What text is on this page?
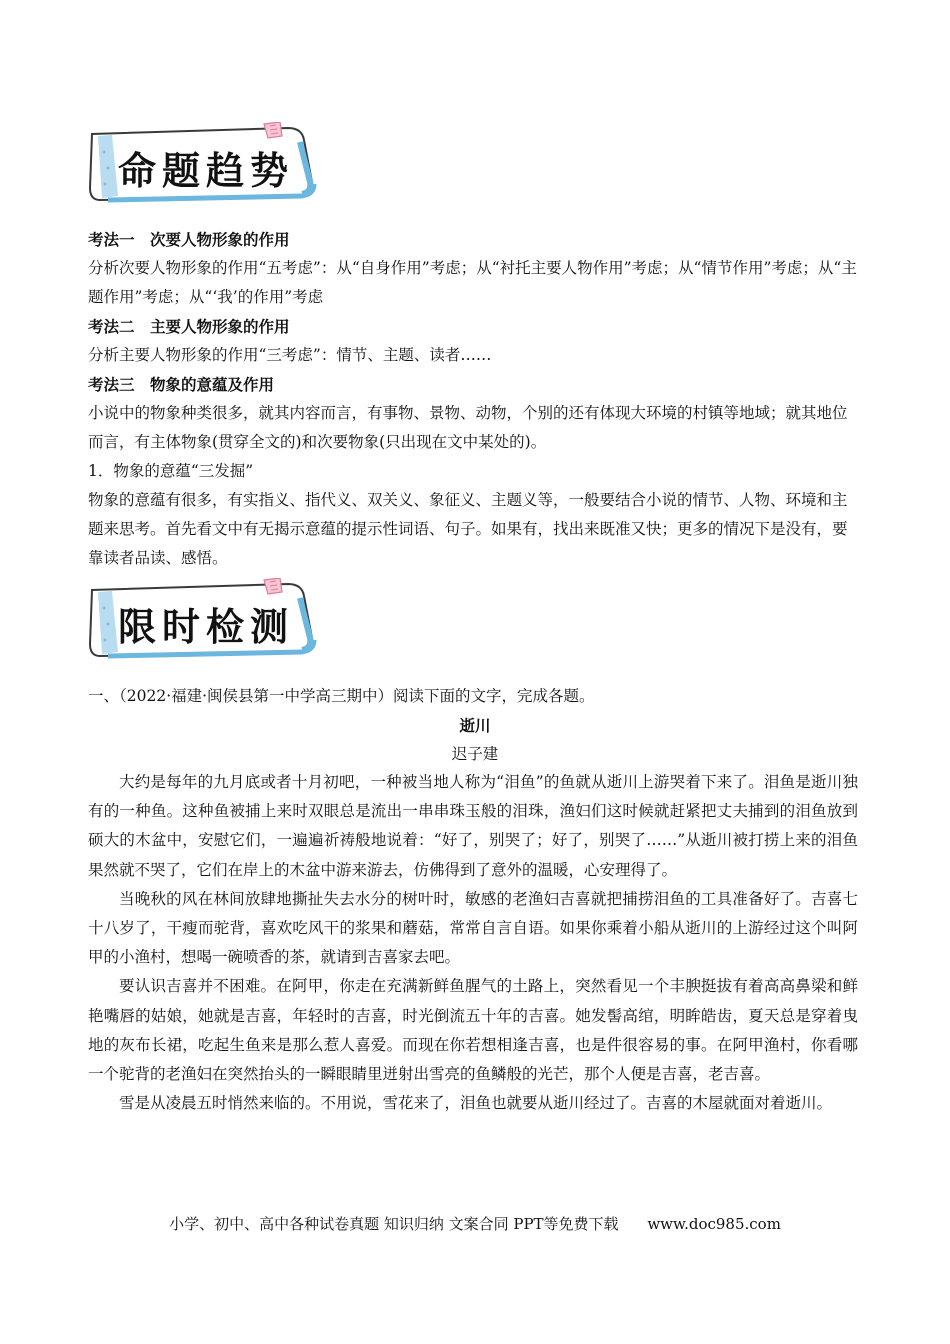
命题趋势
考法一　次要人物形象的作用
分析次要人物形象的作用“五考虑”：从“自身作用”考虑；从“衬托主要人物作用”考虑；从“情节作用”考虑；从“主题作用”考虑；从“‘我’的作用”考虑
考法二　主要人物形象的作用
分析主要人物形象的作用“三考虑”：情节、主题、读者……
考法三　物象的意蕴及作用
小说中的物象种类很多，就其内容而言，有事物、景物、动物，个别的还有体现大环境的村镇等地域；就其地位而言，有主体物象(贯穿全文的)和次要物象(只出现在文中某处的)。
1．物象的意蕴“三发掘”
物象的意蕴有很多，有实指义、指代义、双关义、象征义、主题义等，一般要结合小说的情节、人物、环境和主题来思考。首先看文中有无揭示意蕴的提示性词语、句子。如果有，找出来既准又快；更多的情况下是没有，要靠读者品读、感悟。
限时检测
一、（2022·福建·闽侯县第一中学高三期中）阅读下面的文字，完成各题。
逝川
迟子建

大约是每年的九月底或者十月初吧，一种被当地人称为“泪鱼”的鱼就从逝川上游哭着下来了。泪鱼是逝川独有的一种鱼。这种鱼被捕上来时双眼总是流出一串串珠玉般的泪珠，渔妇们这时候就赶紧把丈夫捕到的泪鱼放到硕大的木盆中，安慰它们，一遍遍祈祷般地说着：“好了，别哭了；好了，别哭了……”从逝川被打捞上来的泪鱼果然就不哭了，它们在岸上的木盆中游来游去，仿佛得到了意外的温暖，心安理得了。

当晚秋的风在林间放肆地撕扯失去水分的树叶时，敏感的老渔妇吉喜就把捕捞泪鱼的工具准备好了。吉喜七十八岁了，干瘦而驼背，喜欢吃风干的浆果和蘑菇，常常自言自语。如果你乘着小船从逝川的上游经过这个叫阿甲的小渔村，想喝一碗喷香的茶，就请到吉喜家去吧。

要认识吉喜并不困难。在阿甲，你走在充满新鲜鱼腥气的土路上，突然看见一个丰腴挺拔有着高高鼻梁和鲜艳嘴唇的姑娘，她就是吉喜，年轻时的吉喜，时光倒流五十年的吉喜。她发髻高绾，明眸皓齿，夏天总是穿着曳地的灰布长裙，吃起生鱼来是那么惹人喜爱。而现在你若想相逢吉喜，也是件很容易的事。在阿甲渔村，你看哪一个驼背的老渔妇在突然抬头的一瞬眼睛里迸射出雪亮的鱼鳞般的光芒，那个人便是吉喜，老吉喜。

雪是从凌晨五时悄然来临的。不用说，雪花来了，泪鱼也就要从逝川经过了。吉喜的木屋就面对着逝川。

小学、初中、高中各种试卷真题 知识归纳 文案合同 PPT等免费下载 www.doc985.com
